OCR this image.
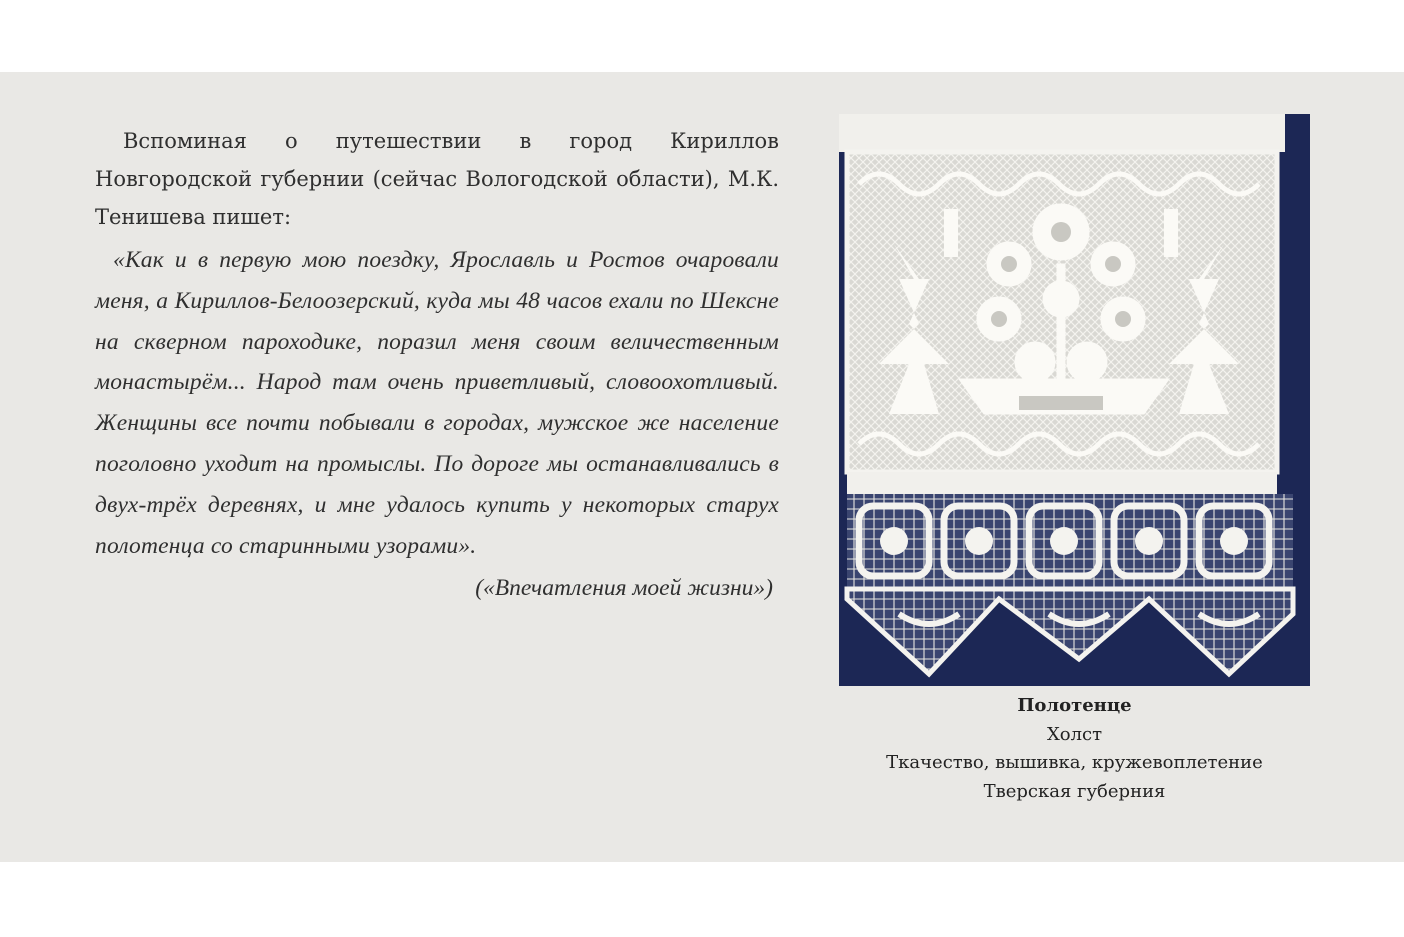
Вспоминая о путешествии в город Кириллов Новгородской губернии (сейчас Вологодской области), М.К. Тенишева пишет:

«Как и в первую мою поездку, Ярославль и Ростов очаровали меня, а Кириллов-Белоозерский, куда мы 48 часов ехали по Шексне на скверном пароходике, поразил меня своим величественным монастырём... Народ там очень приветливый, словоохотливый. Женщины все почти побывали в городах, мужское же население поголовно уходит на промыслы. По дороге мы останавливались в двух-трёх деревнях, и мне удалось купить у некоторых старух полотенца со старинными узорами».

(«Впечатления моей жизни»)

Полотенце
Холст
Ткачество, вышивка, кружевоплетение
Тверская губерния
